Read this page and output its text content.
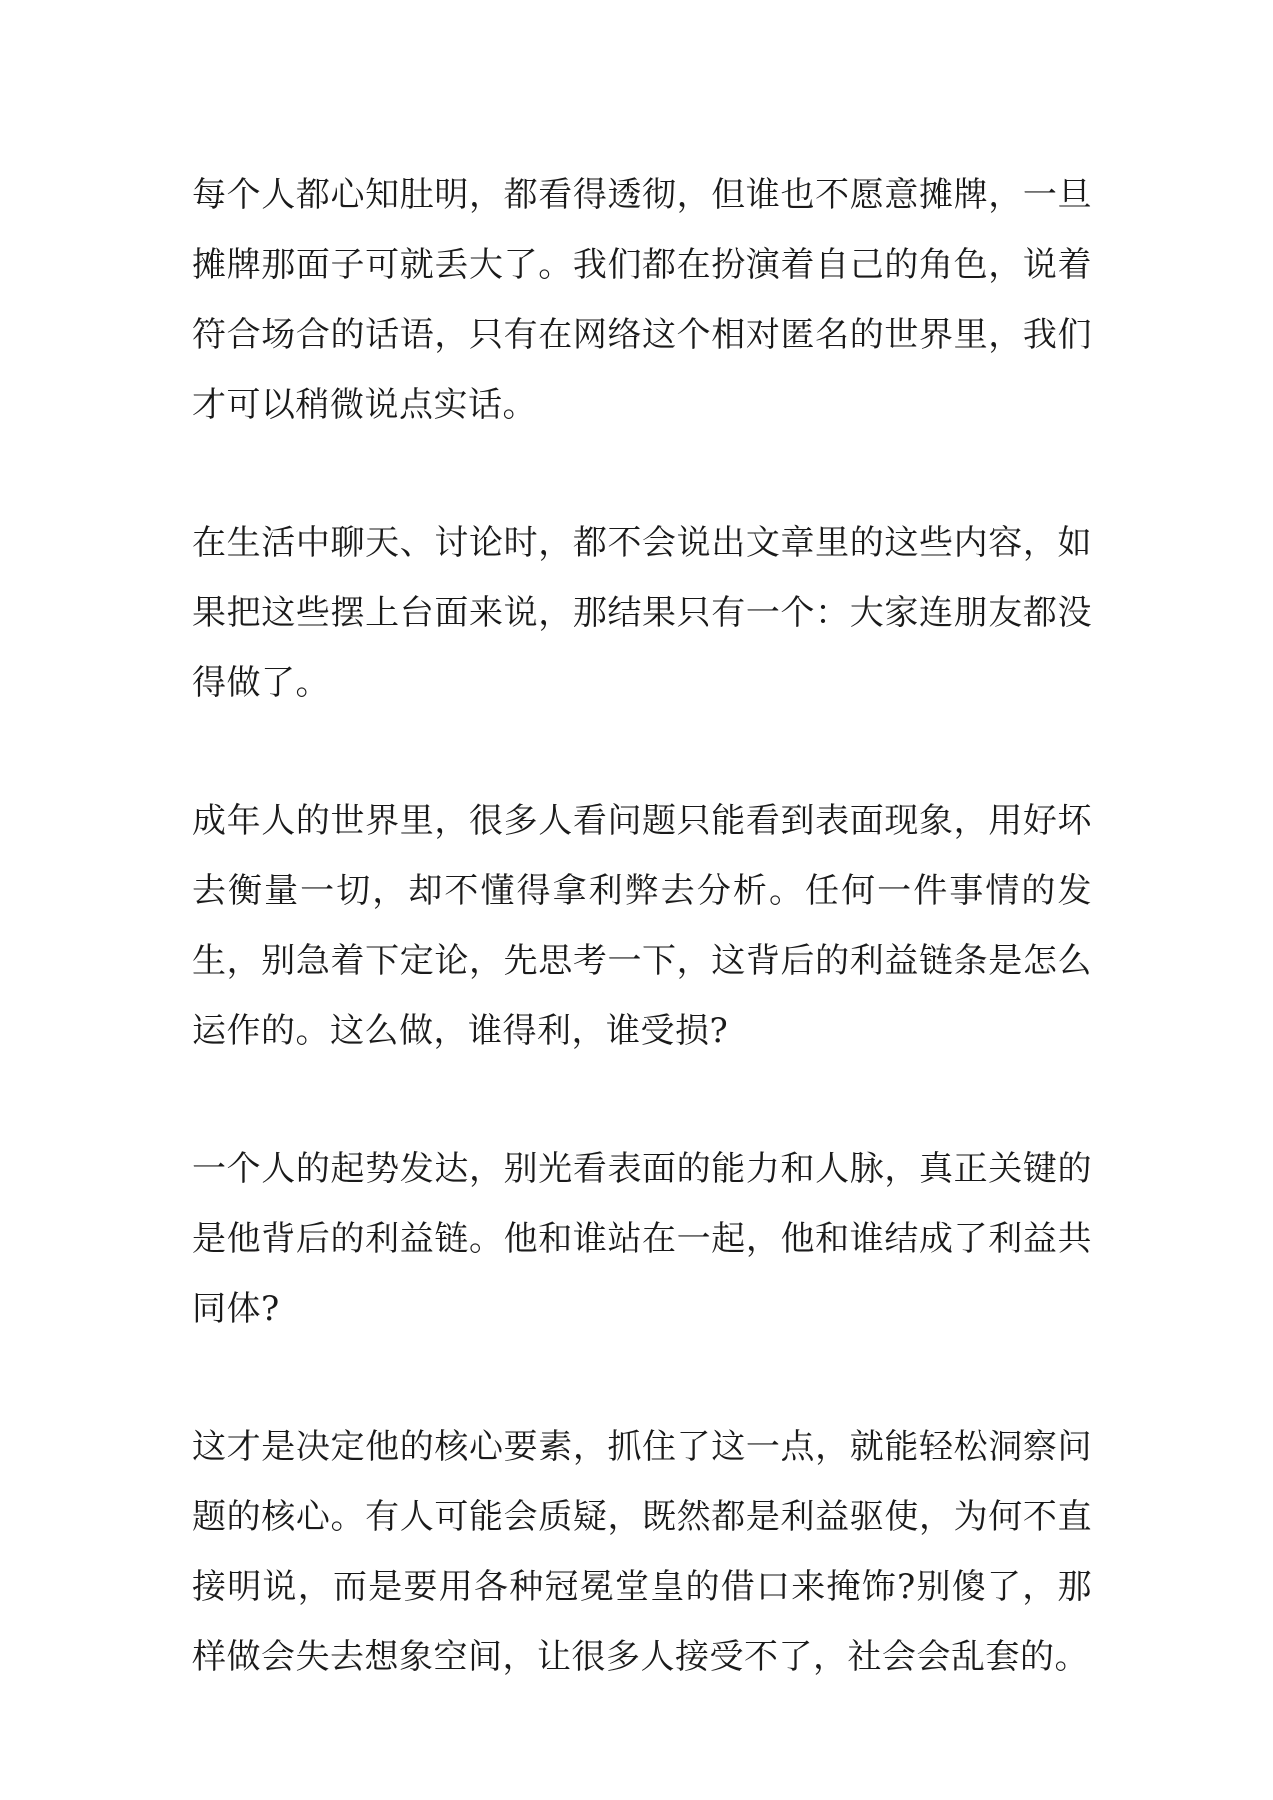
每个人都心知肚明，都看得透彻，但谁也不愿意摊牌，一旦摊牌那面子可就丢大了。我们都在扮演着自己的角色，说着符合场合的话语，只有在网络这个相对匿名的世界里，我们才可以稍微说点实话。

在生活中聊天、讨论时，都不会说出文章里的这些内容，如果把这些摆上台面来说，那结果只有一个：大家连朋友都没得做了。

成年人的世界里，很多人看问题只能看到表面现象，用好坏去衡量一切，却不懂得拿利弊去分析。任何一件事情的发生，别急着下定论，先思考一下，这背后的利益链条是怎么运作的。这么做，谁得利，谁受损?

一个人的起势发达，别光看表面的能力和人脉，真正关键的是他背后的利益链。他和谁站在一起，他和谁结成了利益共同体?

这才是决定他的核心要素，抓住了这一点，就能轻松洞察问题的核心。有人可能会质疑，既然都是利益驱使，为何不直接明说，而是要用各种冠冕堂皇的借口来掩饰?别傻了，那样做会失去想象空间，让很多人接受不了，社会会乱套的。
